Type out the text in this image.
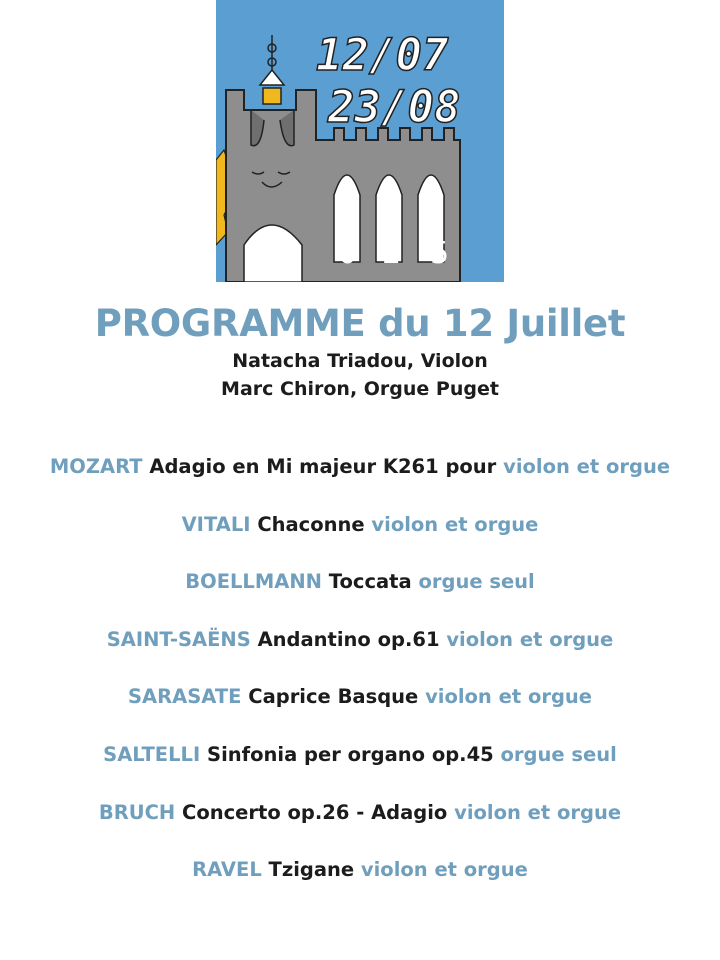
12/07
23/08
2 0 2 5
PROGRAMME du 12 Juillet
Natacha Triadou, Violon
Marc Chiron, Orgue Puget
MOZART Adagio en Mi majeur K261 pour violon et orgue
VITALI Chaconne violon et orgue
BOELLMANN Toccata orgue seul
SAINT-SAËNS Andantino op.61 violon et orgue
SARASATE Caprice Basque violon et orgue
SALTELLI Sinfonia per organo op.45 orgue seul
BRUCH Concerto op.26 - Adagio violon et orgue
RAVEL Tzigane violon et orgue
